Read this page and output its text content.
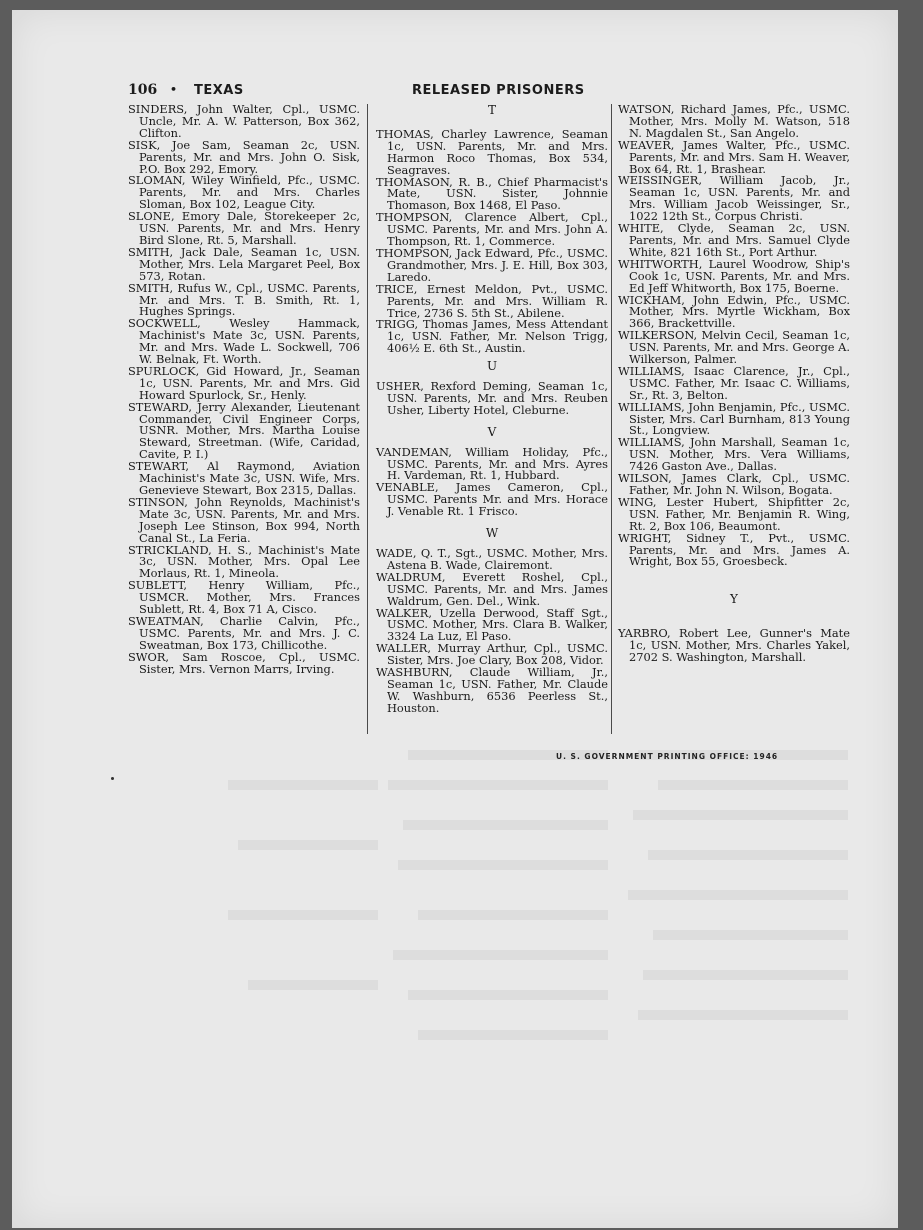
106 • TEXAS	RELEASED PRISONERS

SINDERS, John Walter, Cpl., USMC. Uncle, Mr. A. W. Patterson, Box 362, Clifton.

SISK, Joe Sam, Seaman 2c, USN. Parents, Mr. and Mrs. John O. Sisk, P.O. Box 292, Emory.

SLOMAN, Wiley Winfield, Pfc., USMC. Parents, Mr. and Mrs. Charles Sloman, Box 102, League City.

SLONE, Emory Dale, Storekeeper 2c, USN. Parents, Mr. and Mrs. Henry Bird Slone, Rt. 5, Marshall.

SMITH, Jack Dale, Seaman 1c, USN. Mother, Mrs. Lela Margaret Peel, Box 573, Rotan.

SMITH, Rufus W., Cpl., USMC. Parents, Mr. and Mrs. T. B. Smith, Rt. 1, Hughes Springs.

SOCKWELL, Wesley Hammack, Machinist's Mate 3c, USN. Parents, Mr. and Mrs. Wade L. Sockwell, 706 W. Belnak, Ft. Worth.

SPURLOCK, Gid Howard, Jr., Seaman 1c, USN. Parents, Mr. and Mrs. Gid Howard Spurlock, Sr., Henly.

STEWARD, Jerry Alexander, Lieutenant Commander, Civil Engineer Corps, USNR. Mother, Mrs. Martha Louise Steward, Streetman. (Wife, Caridad, Cavite, P. I.)

STEWART, Al Raymond, Aviation Machinist's Mate 3c, USN. Wife, Mrs. Genevieve Stewart, Box 2315, Dallas.

STINSON, John Reynolds, Machinist's Mate 3c, USN. Parents, Mr. and Mrs. Joseph Lee Stinson, Box 994, North Canal St., La Feria.

STRICKLAND, H. S., Machinist's Mate 3c, USN. Mother, Mrs. Opal Lee Morlaus, Rt. 1, Mineola.

SUBLETT, Henry William, Pfc., USMCR. Mother, Mrs. Frances Sublett, Rt. 4, Box 71 A, Cisco.

SWEATMAN, Charlie Calvin, Pfc., USMC. Parents, Mr. and Mrs. J. C. Sweatman, Box 173, Chillicothe.

SWOR, Sam Roscoe, Cpl., USMC. Sister, Mrs. Vernon Marrs, Irving.

T

THOMAS, Charley Lawrence, Seaman 1c, USN. Parents, Mr. and Mrs. Harmon Roco Thomas, Box 534, Seagraves.

THOMASON, R. B., Chief Pharmacist's Mate, USN. Sister, Johnnie Thomason, Box 1468, El Paso.

THOMPSON, Clarence Albert, Cpl., USMC. Parents, Mr. and Mrs. John A. Thompson, Rt. 1, Commerce.

THOMPSON, Jack Edward, Pfc., USMC. Grandmother, Mrs. J. E. Hill, Box 303, Laredo.

TRICE, Ernest Meldon, Pvt., USMC. Parents, Mr. and Mrs. William R. Trice, 2736 S. 5th St., Abilene.

TRIGG, Thomas James, Mess Attendant 1c, USN. Father, Mr. Nelson Trigg, 406½ E. 6th St., Austin.

U

USHER, Rexford Deming, Seaman 1c, USN. Parents, Mr. and Mrs. Reuben Usher, Liberty Hotel, Cleburne.

V

VANDEMAN, William Holiday, Pfc., USMC. Parents, Mr. and Mrs. Ayres H. Vardeman, Rt. 1, Hubbard.

VENABLE, James Cameron, Cpl., USMC. Parents Mr. and Mrs. Horace J. Venable Rt. 1 Frisco.

W

WADE, Q. T., Sgt., USMC. Mother, Mrs. Astena B. Wade, Clairemont.

WALDRUM, Everett Roshel, Cpl., USMC. Parents, Mr. and Mrs. James Waldrum, Gen. Del., Wink.

WALKER, Uzella Derwood, Staff Sgt., USMC. Mother, Mrs. Clara B. Walker, 3324 La Luz, El Paso.

WALLER, Murray Arthur, Cpl., USMC. Sister, Mrs. Joe Clary, Box 208, Vidor.

WASHBURN, Claude William, Jr., Seaman 1c, USN. Father, Mr. Claude W. Washburn, 6536 Peerless St., Houston.

WATSON, Richard James, Pfc., USMC. Mother, Mrs. Molly M. Watson, 518 N. Magdalen St., San Angelo.

WEAVER, James Walter, Pfc., USMC. Parents, Mr. and Mrs. Sam H. Weaver, Box 64, Rt. 1, Brashear.

WEISSINGER, William Jacob, Jr., Seaman 1c, USN. Parents, Mr. and Mrs. William Jacob Weissinger, Sr., 1022 12th St., Corpus Christi.

WHITE, Clyde, Seaman 2c, USN. Parents, Mr. and Mrs. Samuel Clyde White, 821 16th St., Port Arthur.

WHITWORTH, Laurel Woodrow, Ship's Cook 1c, USN. Parents, Mr. and Mrs. Ed Jeff Whitworth, Box 175, Boerne.

WICKHAM, John Edwin, Pfc., USMC. Mother, Mrs. Myrtle Wickham, Box 366, Brackettville.

WILKERSON, Melvin Cecil, Seaman 1c, USN. Parents, Mr. and Mrs. George A. Wilkerson, Palmer.

WILLIAMS, Isaac Clarence, Jr., Cpl., USMC. Father, Mr. Isaac C. Williams, Sr., Rt. 3, Belton.

WILLIAMS, John Benjamin, Pfc., USMC. Sister, Mrs. Carl Burnham, 813 Young St., Longview.

WILLIAMS, John Marshall, Seaman 1c, USN. Mother, Mrs. Vera Williams, 7426 Gaston Ave., Dallas.

WILSON, James Clark, Cpl., USMC. Father, Mr. John N. Wilson, Bogata.

WING, Lester Hubert, Shipfitter 2c, USN. Father, Mr. Benjamin R. Wing, Rt. 2, Box 106, Beaumont.

WRIGHT, Sidney T., Pvt., USMC. Parents, Mr. and Mrs. James A. Wright, Box 55, Groesbeck.

Y

YARBRO, Robert Lee, Gunner's Mate 1c, USN. Mother, Mrs. Charles Yakel, 2702 S. Washington, Marshall.

U. S. GOVERNMENT PRINTING OFFICE: 1946
